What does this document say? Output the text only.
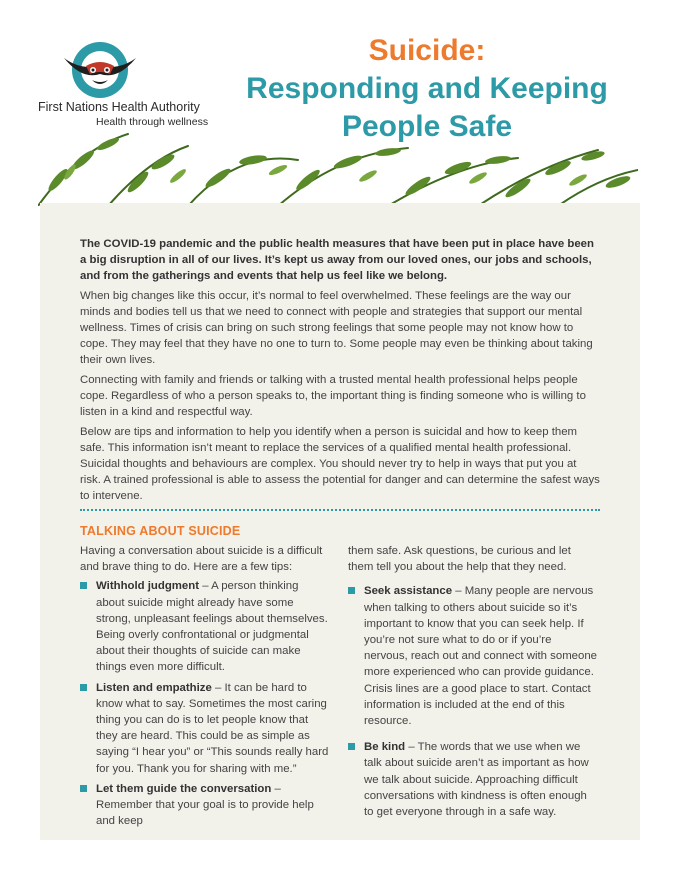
First Nations Health Authority
Health through wellness
Suicide:
Responding and Keeping
People Safe

The COVID-19 pandemic and the public health measures that have been put in place have been a big disruption in all of our lives. It’s kept us away from our loved ones, our jobs and schools, and from the gatherings and events that help us feel like we belong.

When big changes like this occur, it’s normal to feel overwhelmed. These feelings are the way our minds and bodies tell us that we need to connect with people and strategies that support our mental wellness. Times of crisis can bring on such strong feelings that some people may not know how to cope. They may feel that they have no one to turn to. Some people may even be thinking about taking their own lives.

Connecting with family and friends or talking with a trusted mental health professional helps people cope. Regardless of who a person speaks to, the important thing is finding someone who is willing to listen in a kind and respectful way.

Below are tips and information to help you identify when a person is suicidal and how to keep them safe. This information isn’t meant to replace the services of a qualified mental health professional. Suicidal thoughts and behaviours are complex. You should never try to help in ways that put you at risk. A trained professional is able to assess the potential for danger and can determine the safest ways to intervene.

TALKING ABOUT SUICIDE

Having a conversation about suicide is a difficult and brave thing to do. Here are a few tips:

Withhold judgment – A person thinking about suicide might already have some strong, unpleasant feelings about themselves. Being overly confrontational or judgmental about their thoughts of suicide can make things even more difficult.
Listen and empathize – It can be hard to know what to say. Sometimes the most caring thing you can do is to let people know that they are heard. This could be as simple as saying “I hear you” or “This sounds really hard for you. Thank you for sharing with me.”
Let them guide the conversation – Remember that your goal is to provide help and keep

them safe. Ask questions, be curious and let them tell you about the help that they need.

Seek assistance – Many people are nervous when talking to others about suicide so it’s important to know that you can seek help. If you’re not sure what to do or if you’re nervous, reach out and connect with someone more experienced who can provide guidance. Crisis lines are a good place to start. Contact information is included at the end of this resource.
Be kind – The words that we use when we talk about suicide aren’t as important as how we talk about suicide. Approaching difficult conversations with kindness is often enough to get everyone through in a safe way.
